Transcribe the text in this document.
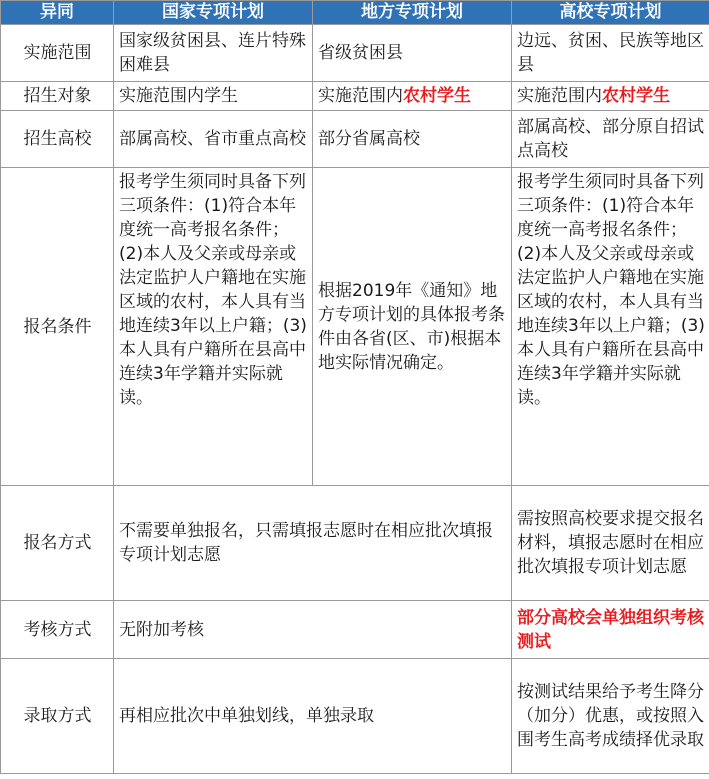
异同	国家专项计划	地方专项计划	高校专项计划
实施范围	国家级贫困县、连片特殊困难县	省级贫困县	边远、贫困、民族等地区县
招生对象	实施范围内学生	实施范围内农村学生	实施范围内农村学生
招生高校	部属高校、省市重点高校	部分省属高校	部属高校、部分原自招试点高校
报名条件	报考学生须同时具备下列三项条件：(1)符合本年度统一高考报名条件；(2)本人及父亲或母亲或法定监护人户籍地在实施区域的农村，本人具有当地连续3年以上户籍；(3)本人具有户籍所在县高中连续3年学籍并实际就读。	根据2019年《通知》地方专项计划的具体报考条件由各省(区、市)根据本地实际情况确定。	报考学生须同时具备下列三项条件：(1)符合本年度统一高考报名条件；(2)本人及父亲或母亲或法定监护人户籍地在实施区域的农村，本人具有当地连续3年以上户籍；(3)本人具有户籍所在县高中连续3年学籍并实际就读。
报名方式	不需要单独报名，只需填报志愿时在相应批次填报专项计划志愿		需按照高校要求提交报名材料，填报志愿时在相应批次填报专项计划志愿
考核方式	无附加考核		部分高校会单独组织考核测试
录取方式	再相应批次中单独划线，单独录取		按测试结果给予考生降分（加分）优惠，或按照入围考生高考成绩择优录取
